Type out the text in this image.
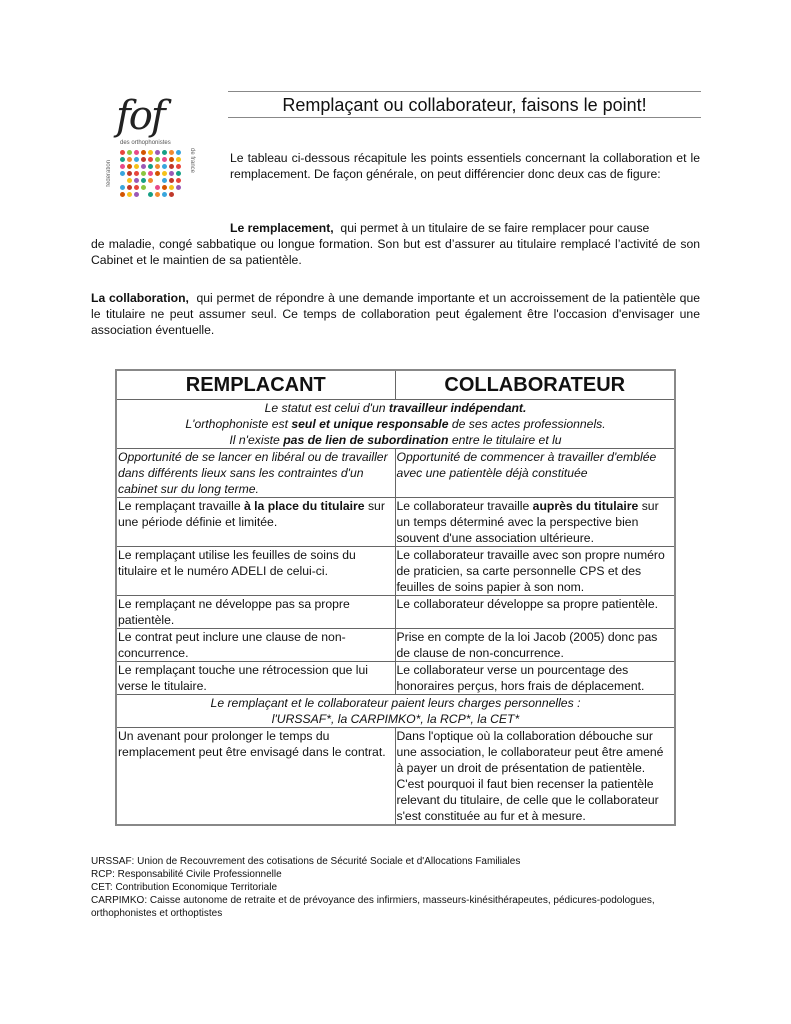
fof
des orthophonistes
fédération	de france
Remplaçant ou collaborateur, faisons le point!
Le tableau ci-dessous récapitule les points essentiels concernant la collaboration et le remplacement. De façon générale, on peut différencier donc deux cas de figure:
Le remplacement, qui permet à un titulaire de se faire remplacer pour cause
de maladie, congé sabbatique ou longue formation. Son but est d’assurer au titulaire remplacé l’activité de son Cabinet et le maintien de sa patientèle.
La collaboration, qui permet de répondre à une demande importante et un accroissement de la patientèle que le titulaire ne peut assumer seul. Ce temps de collaboration peut également être l'occasion d'envisager une association éventuelle.
REMPLACANT	COLLABORATEUR

Le statut est celui d'un travailleur indépendant.
L'orthophoniste est seul et unique responsable de ses actes professionnels.
Il n'existe pas de lien de subordination entre le titulaire et lu	

Opportunité de se lancer en libéral ou de travailler dans différents lieux sans les contraintes d'un cabinet sur du long terme.	Opportunité de commencer à travailler d'emblée avec une patientèle déjà constituée
Le remplaçant travaille à la place du titulaire sur une période définie et limitée.	Le collaborateur travaille auprès du titulaire sur un temps déterminé avec la perspective bien souvent d'une association ultérieure.
Le remplaçant utilise les feuilles de soins du titulaire et le numéro ADELI de celui-ci.	Le collaborateur travaille avec son propre numéro de praticien, sa carte personnelle CPS et des feuilles de soins papier à son nom.
Le remplaçant ne développe pas sa propre patientèle.	Le collaborateur développe sa propre patientèle.
Le contrat peut inclure une clause de non-concurrence.	Prise en compte de la loi Jacob (2005) donc pas de clause de non-concurrence.
Le remplaçant touche une rétrocession que lui verse le titulaire.	Le collaborateur verse un pourcentage des honoraires perçus, hors frais de déplacement.

Le remplaçant et le collaborateur paient leurs charges personnelles :
l'URSSAF*, la CARPIMKO*, la RCP*, la CET*	

Un avenant pour prolonger le temps du remplacement peut être envisagé dans le contrat.	Dans l'optique où la collaboration débouche sur une association, le collaborateur peut être amené à payer un droit de présentation de patientèle. C'est pourquoi il faut bien recenser la patientèle relevant du titulaire, de celle que le collaborateur s'est constituée au fur et à mesure.
URSSAF: Union de Recouvrement des cotisations de Sécurité Sociale et d'Allocations Familiales
RCP: Responsabilité Civile Professionnelle
CET: Contribution Economique Territoriale
CARPIMKO: Caisse autonome de retraite et de prévoyance des infirmiers, masseurs-kinésithérapeutes, pédicures-podologues, orthophonistes et orthoptistes
